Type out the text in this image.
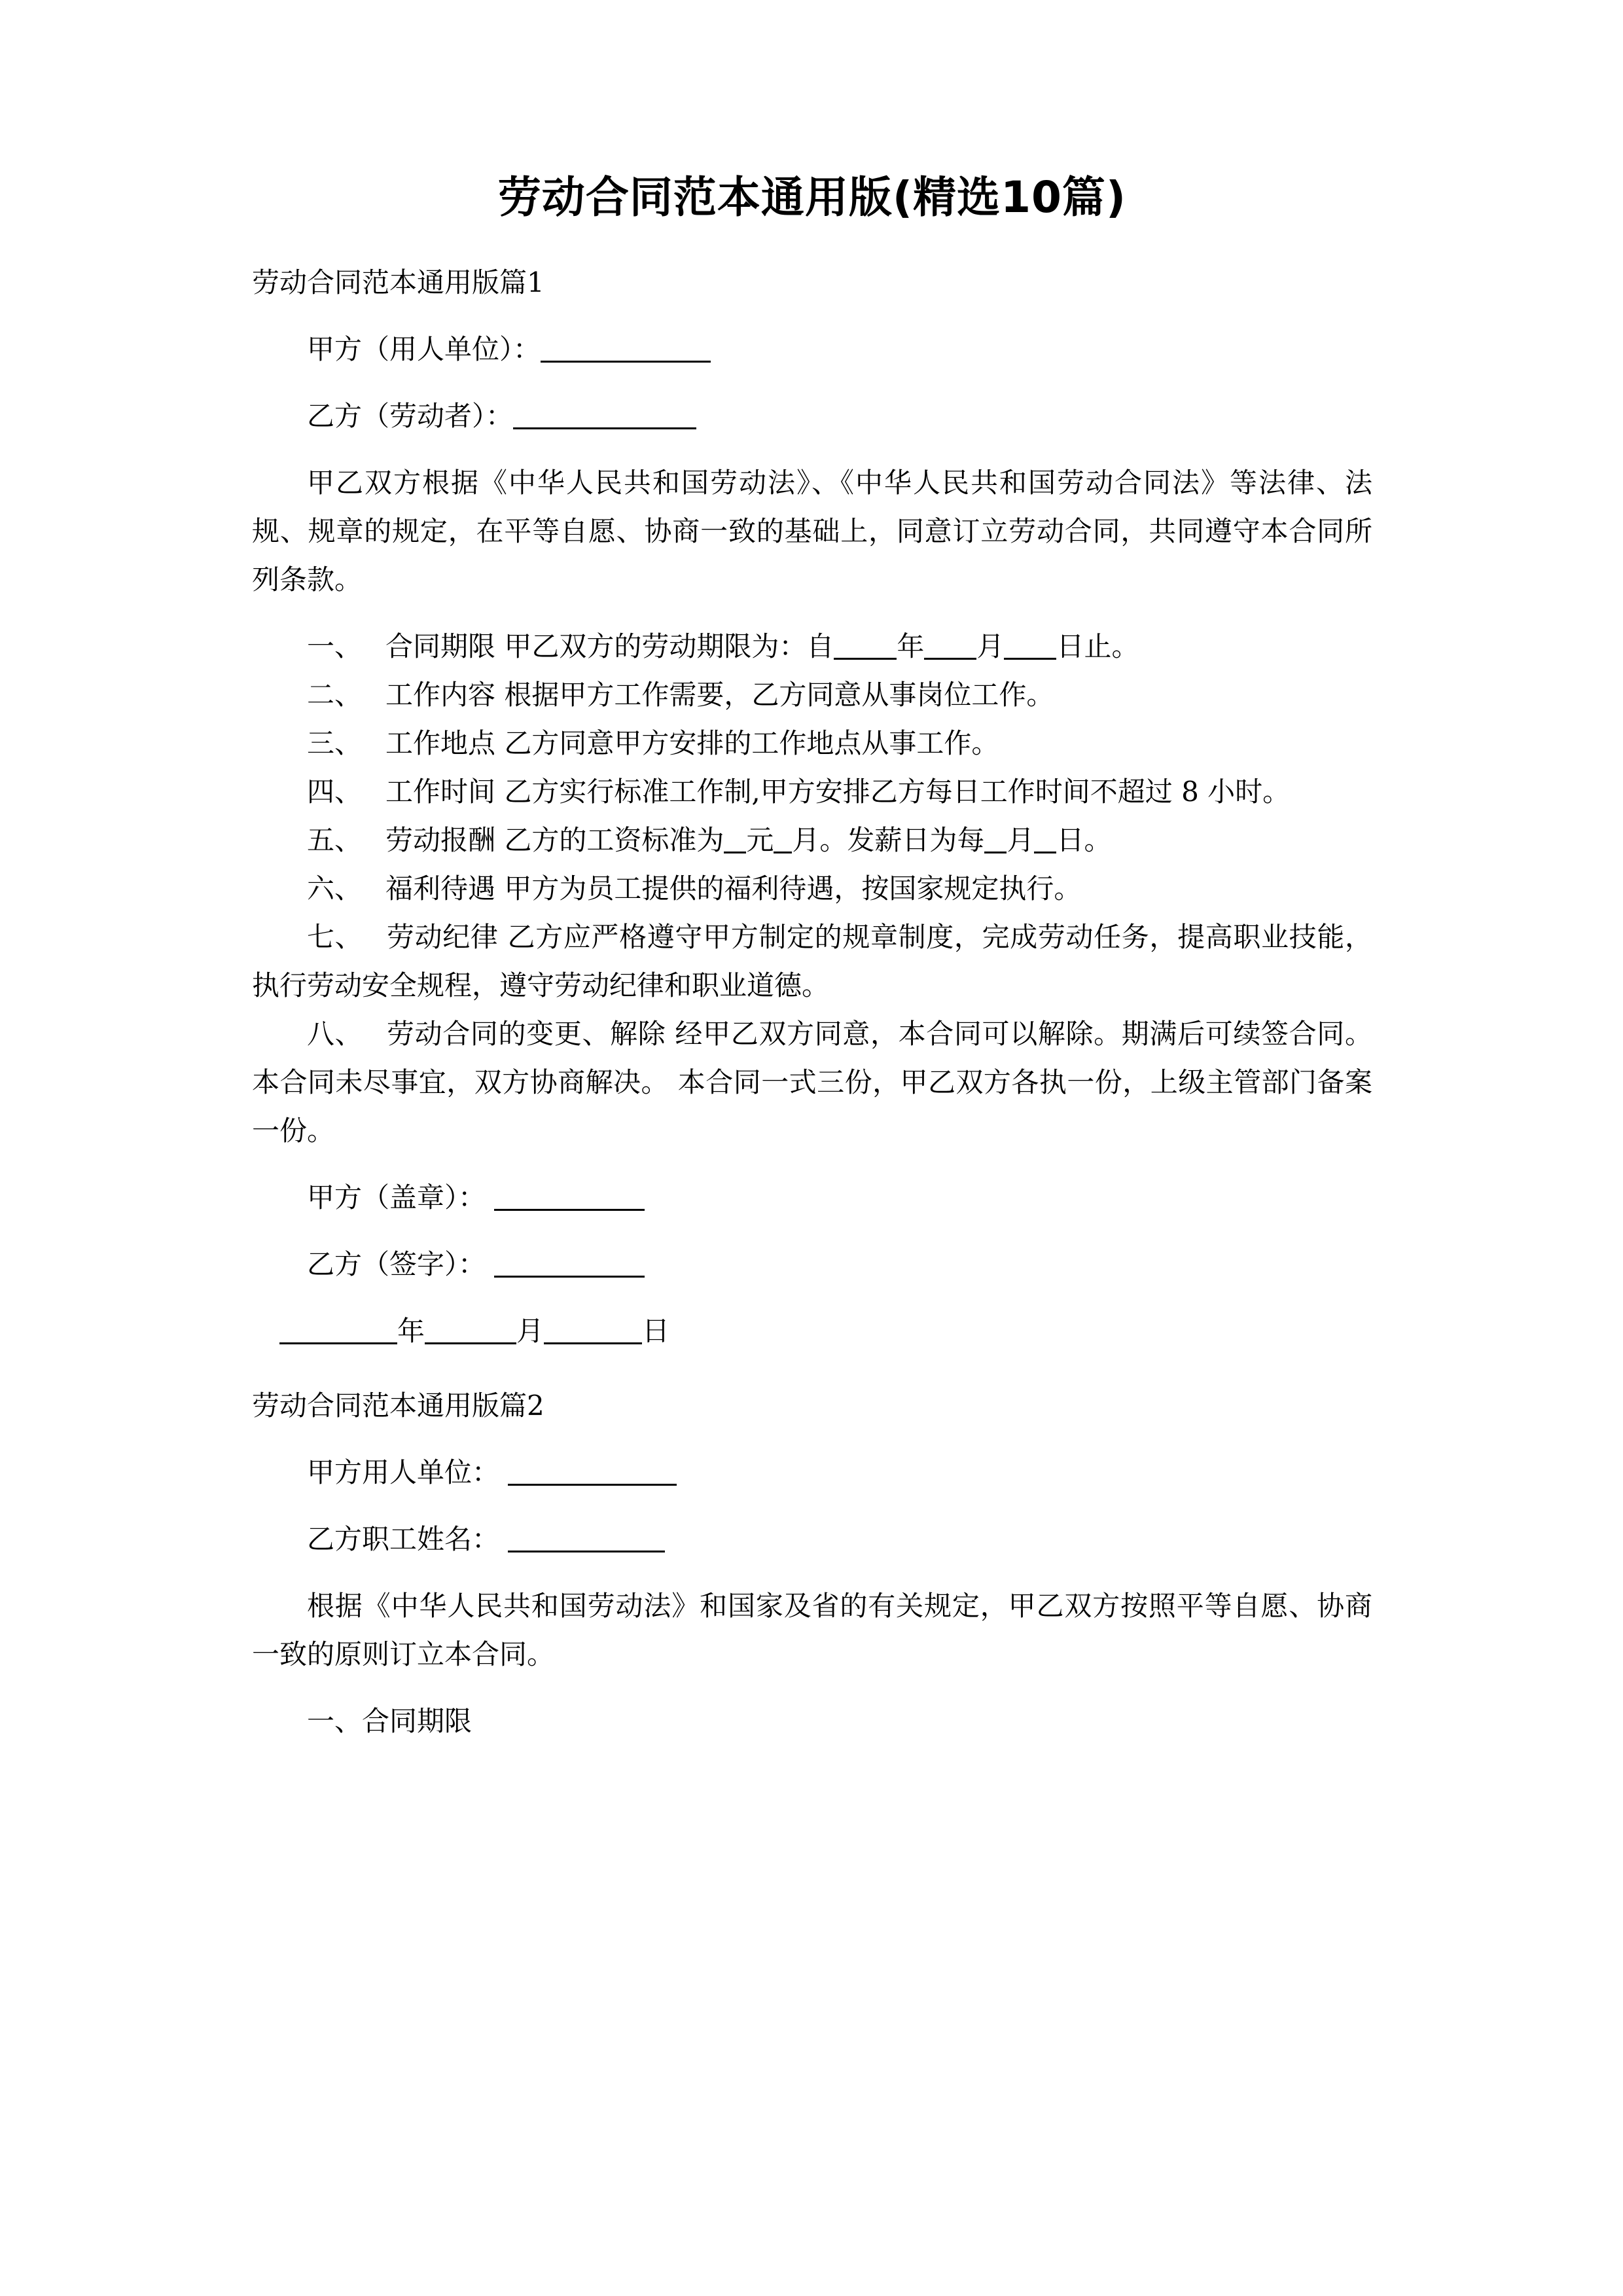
劳动合同范本通用版(精选10篇)

劳动合同范本通用版篇1

甲方（用人单位）：

乙方（劳动者）：

甲乙双方根据《中华人民共和国劳动法》、《中华人民共和国劳动合同法》等法律、法规、规章的规定，在平等自愿、协商一致的基础上，同意订立劳动合同，共同遵守本合同所列条款。

一、 合同期限 甲乙双方的劳动期限为：自 年 月 日止。

二、 工作内容 根据甲方工作需要，乙方同意从事岗位工作。

三、 工作地点 乙方同意甲方安排的工作地点从事工作。

四、 工作时间 乙方实行标准工作制,甲方安排乙方每日工作时间不超过 8 小时。

五、 劳动报酬 乙方的工资标准为 元 月。发薪日为每 月 日。

六、 福利待遇 甲方为员工提供的福利待遇，按国家规定执行。

七、 劳动纪律 乙方应严格遵守甲方制定的规章制度，完成劳动任务，提高职业技能，执行劳动安全规程，遵守劳动纪律和职业道德。

八、 劳动合同的变更、解除 经甲乙双方同意，本合同可以解除。期满后可续签合同。 本合同未尽事宜，双方协商解决。 本合同一式三份，甲乙双方各执一份，上级主管部门备案一份。

甲方（盖章）：

乙方（签字）：

年	月	日

劳动合同范本通用版篇2

甲方用人单位：

乙方职工姓名：

根据《中华人民共和国劳动法》和国家及省的有关规定，甲乙双方按照平等自愿、协商一致的原则订立本合同。

一、合同期限
